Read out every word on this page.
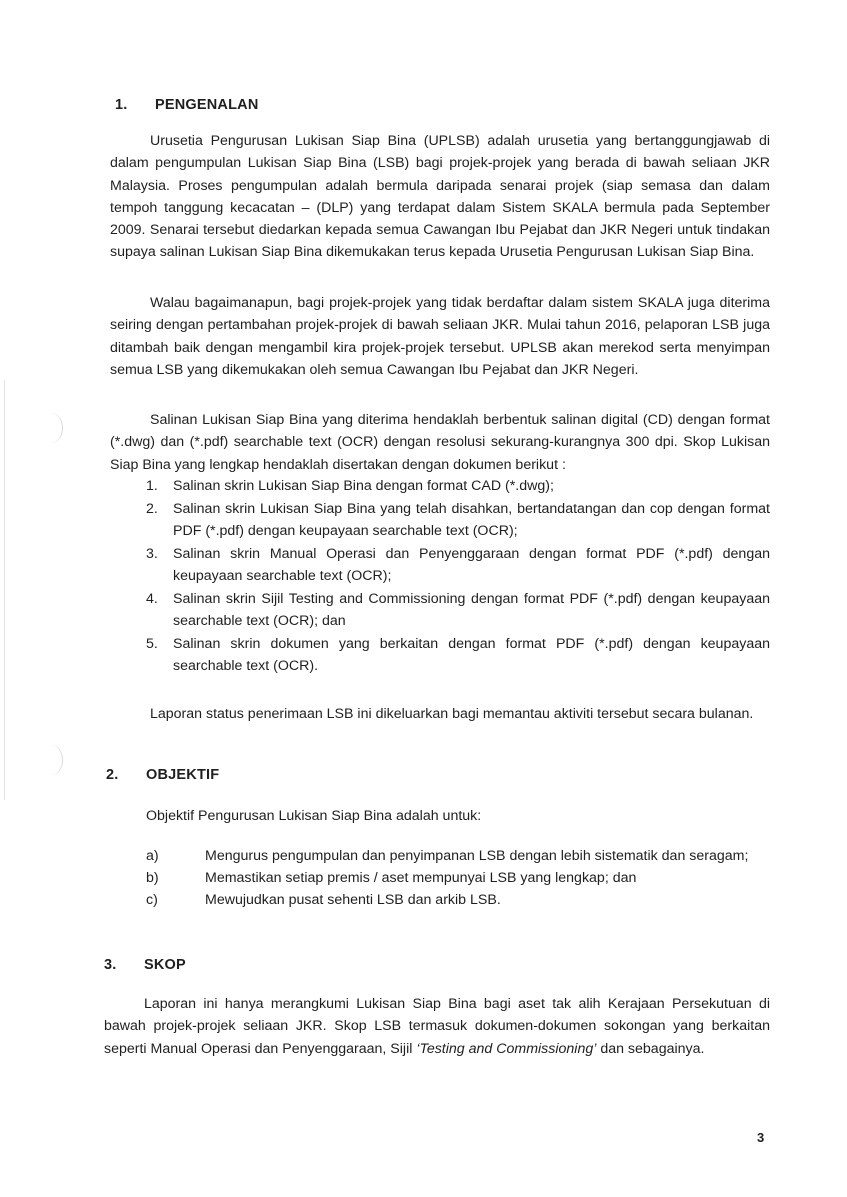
1. PENGENALAN
Urusetia Pengurusan Lukisan Siap Bina (UPLSB) adalah urusetia yang bertanggungjawab di dalam pengumpulan Lukisan Siap Bina (LSB) bagi projek-projek yang berada di bawah seliaan JKR Malaysia. Proses pengumpulan adalah bermula daripada senarai projek (siap semasa dan dalam tempoh tanggung kecacatan – (DLP) yang terdapat dalam Sistem SKALA bermula pada September 2009. Senarai tersebut diedarkan kepada semua Cawangan Ibu Pejabat dan JKR Negeri untuk tindakan supaya salinan Lukisan Siap Bina dikemukakan terus kepada Urusetia Pengurusan Lukisan Siap Bina.
Walau bagaimanapun, bagi projek-projek yang tidak berdaftar dalam sistem SKALA juga diterima seiring dengan pertambahan projek-projek di bawah seliaan JKR. Mulai tahun 2016, pelaporan LSB juga ditambah baik dengan mengambil kira projek-projek tersebut. UPLSB akan merekod serta menyimpan semua LSB yang dikemukakan oleh semua Cawangan Ibu Pejabat dan JKR Negeri.
Salinan Lukisan Siap Bina yang diterima hendaklah berbentuk salinan digital (CD) dengan format (*.dwg) dan (*.pdf) searchable text (OCR) dengan resolusi sekurang-kurangnya 300 dpi. Skop Lukisan Siap Bina yang lengkap hendaklah disertakan dengan dokumen berikut :
1. Salinan skrin Lukisan Siap Bina dengan format CAD (*.dwg);
2. Salinan skrin Lukisan Siap Bina yang telah disahkan, bertandatangan dan cop dengan format PDF (*.pdf) dengan keupayaan searchable text (OCR);
3. Salinan skrin Manual Operasi dan Penyenggaraan dengan format PDF (*.pdf) dengan keupayaan searchable text (OCR);
4. Salinan skrin Sijil Testing and Commissioning dengan format PDF (*.pdf) dengan keupayaan searchable text (OCR); dan
5. Salinan skrin dokumen yang berkaitan dengan format PDF (*.pdf) dengan keupayaan searchable text (OCR).
Laporan status penerimaan LSB ini dikeluarkan bagi memantau aktiviti tersebut secara bulanan.
2. OBJEKTIF
Objektif Pengurusan Lukisan Siap Bina adalah untuk:
a)	Mengurus pengumpulan dan penyimpanan LSB dengan lebih sistematik dan seragam;
b)	Memastikan setiap premis / aset mempunyai LSB yang lengkap; dan
c)	Mewujudkan pusat sehenti LSB dan arkib LSB.
3. SKOP
Laporan ini hanya merangkumi Lukisan Siap Bina bagi aset tak alih Kerajaan Persekutuan di bawah projek-projek seliaan JKR. Skop LSB termasuk dokumen-dokumen sokongan yang berkaitan seperti Manual Operasi dan Penyenggaraan, Sijil ‘Testing and Commissioning’ dan sebagainya.
3
